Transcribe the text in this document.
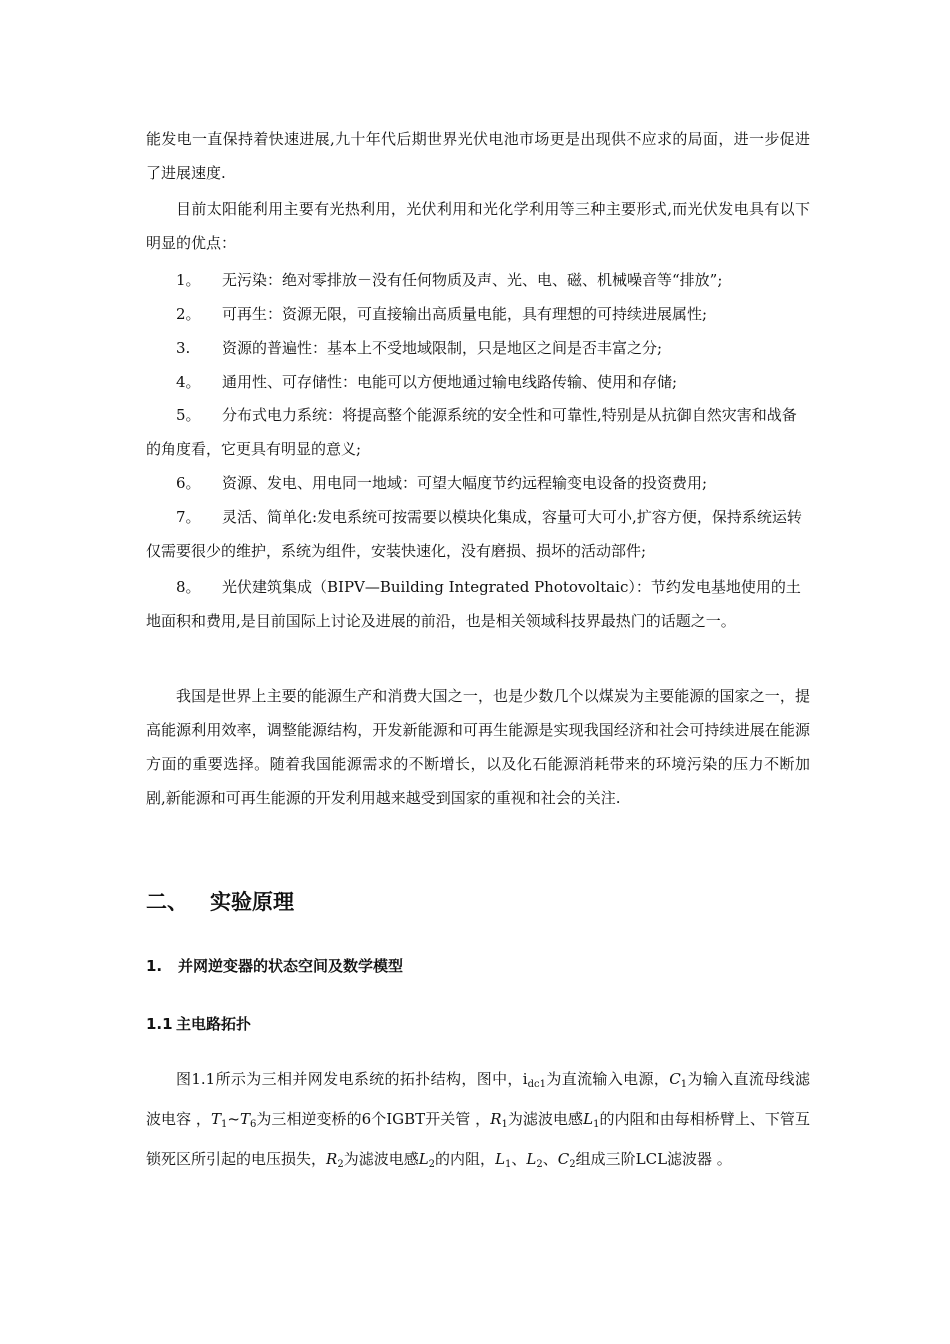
能发电一直保持着快速进展,九十年代后期世界光伏电池市场更是出现供不应求的局面，进一步促进了进展速度.

目前太阳能利用主要有光热利用，光伏利用和光化学利用等三种主要形式,而光伏发电具有以下明显的优点：

1。 无污染：绝对零排放－没有任何物质及声、光、电、磁、机械噪音等“排放”;

2。 可再生：资源无限，可直接输出高质量电能，具有理想的可持续进展属性;

3. 资源的普遍性：基本上不受地域限制，只是地区之间是否丰富之分;

4。 通用性、可存储性：电能可以方便地通过输电线路传输、使用和存储;

5。 分布式电力系统：将提高整个能源系统的安全性和可靠性,特别是从抗御自然灾害和战备的角度看，它更具有明显的意义;

6。 资源、发电、用电同一地域：可望大幅度节约远程输变电设备的投资费用;

7。 灵活、简单化:发电系统可按需要以模块化集成，容量可大可小,扩容方便，保持系统运转仅需要很少的维护，系统为组件，安装快速化，没有磨损、损坏的活动部件;

8。 光伏建筑集成（BIPV—Building Integrated Photovoltaic）：节约发电基地使用的土地面积和费用,是目前国际上讨论及进展的前沿，也是相关领域科技界最热门的话题之一。

我国是世界上主要的能源生产和消费大国之一，也是少数几个以煤炭为主要能源的国家之一，提高能源利用效率，调整能源结构，开发新能源和可再生能源是实现我国经济和社会可持续进展在能源方面的重要选择。随着我国能源需求的不断增长，以及化石能源消耗带来的环境污染的压力不断加剧,新能源和可再生能源的开发利用越来越受到国家的重视和社会的关注.

二、 实验原理
1. 并网逆变器的状态空间及数学模型
1.1 主电路拓扑

图1.1所示为三相并网发电系统的拓扑结构，图中，$i_{dc1}$为直流输入电源，$C_1$为输入直流母线滤波电容 ，$T_1\sim T_6$为三相逆变桥的6个IGBT开关管 ，$R_1$为滤波电感$L_1$的内阻和由每相桥臂上、下管互锁死区所引起的电压损失，$R_2$为滤波电感$L_2$的内阻，$L_1$、$L_2$、$C_2$组成三阶LCL滤波器 。
